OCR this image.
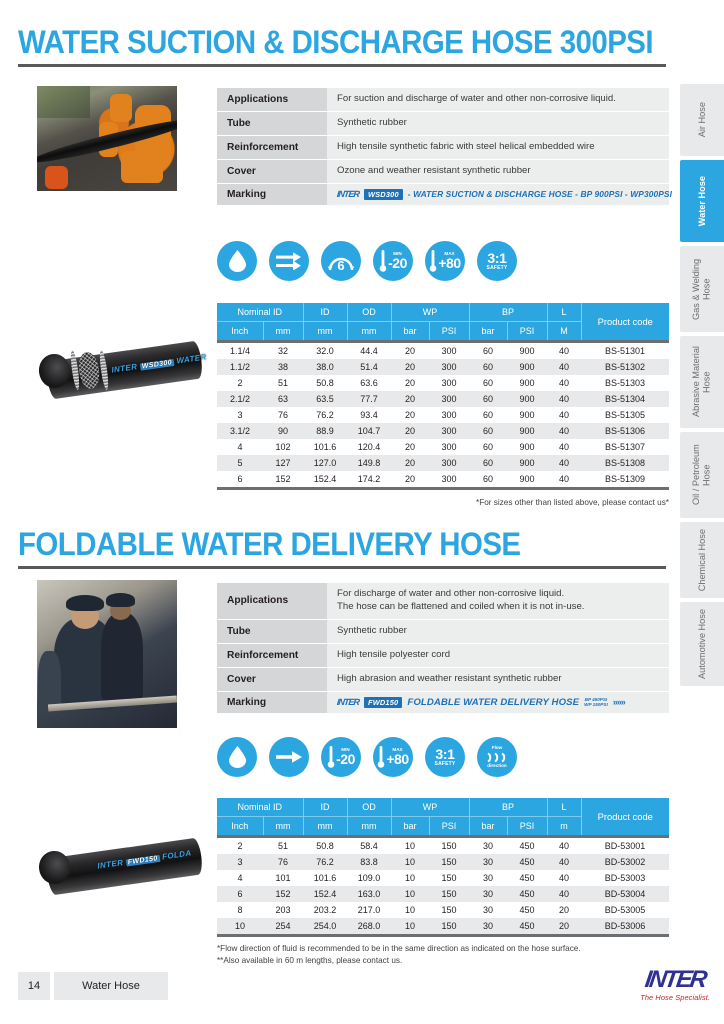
WATER SUCTION & DISCHARGE HOSE 300PSI
Applications	For suction and discharge of water and other non-corrosive liquid.

Tube	Synthetic rubber

Reinforcement	High tensile synthetic fabric with steel helical embedded wire

Cover	Ozone and weather resistant synthetic rubber

Marking	INTER WSD300 - WATER SUCTION & DISCHARGE HOSE - BP 900PSI - WP300PSI
6
MIN
-20
MAX
+80 3:1
SAFETY
INTER WSD300 WATER
Nominal ID		ID	OD	WP		BP		L	Product code
Inch	mm	mm	mm	bar	PSI	bar	PSI	M	
1.1/4	32	32.0	44.4	20	300	60	900	40	BS-51301
1.1/2	38	38.0	51.4	20	300	60	900	40	BS-51302
2	51	50.8	63.6	20	300	60	900	40	BS-51303
2.1/2	63	63.5	77.7	20	300	60	900	40	BS-51304
3	76	76.2	93.4	20	300	60	900	40	BS-51305
3.1/2	90	88.9	104.7	20	300	60	900	40	BS-51306
4	102	101.6	120.4	20	300	60	900	40	BS-51307
5	127	127.0	149.8	20	300	60	900	40	BS-51308
6	152	152.4	174.2	20	300	60	900	40	BS-51309
*For sizes other than listed above, please contact us*
FOLDABLE WATER DELIVERY HOSE
Applications	For discharge of water and other non-corrosive liquid.
The hose can be flattened and coiled when it is not in-use.

Tube	Synthetic rubber

Reinforcement	High tensile polyester cord

Cover	High abrasion and weather resistant synthetic rubber

Marking	INTER	FWD150 FOLDABLE WATER DELIVERY HOSE BP 450PSI
WP 150PSI »»»
MIN
-20
MAX
+80 3:1
SAFETY
*
Flow
direction
INTER FWD150 FOLDA
Nominal ID		ID	OD	WP		BP		L	Product code
Inch	mm	mm	mm	bar	PSI	bar	PSI	m	
2	51	50.8	58.4	10	150	30	450	40	BD-53001
3	76	76.2	83.8	10	150	30	450	40	BD-53002
4	101	101.6	109.0	10	150	30	450	40	BD-53003
6	152	152.4	163.0	10	150	30	450	40	BD-53004
8	203	203.2	217.0	10	150	30	450	20	BD-53005
10	254	254.0	268.0	10	150	30	450	20	BD-53006
*Flow direction of fluid is recommended to be in the same direction as indicated on the hose surface.
**Also available in 60 m lengths, please contact us.
Air Hose
Water Hose
Gas & Welding Hose
Abrasive Material Hose
Oil / Petroleum Hose
Chemical Hose
Automotive Hose
14	Water Hose	INTER
The Hose Specialist.
